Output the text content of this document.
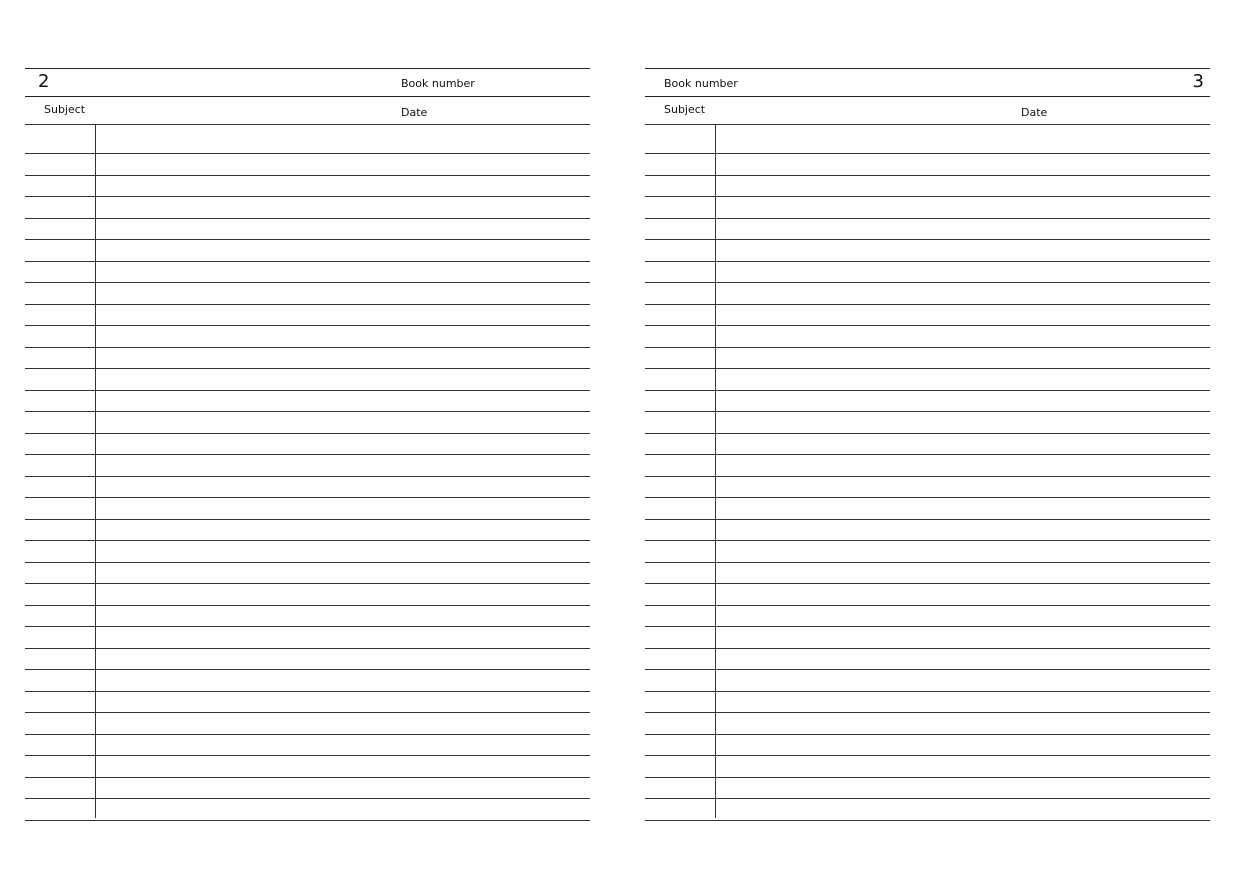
2	Book number
Subject	Date
Book number	3
Subject	Date
